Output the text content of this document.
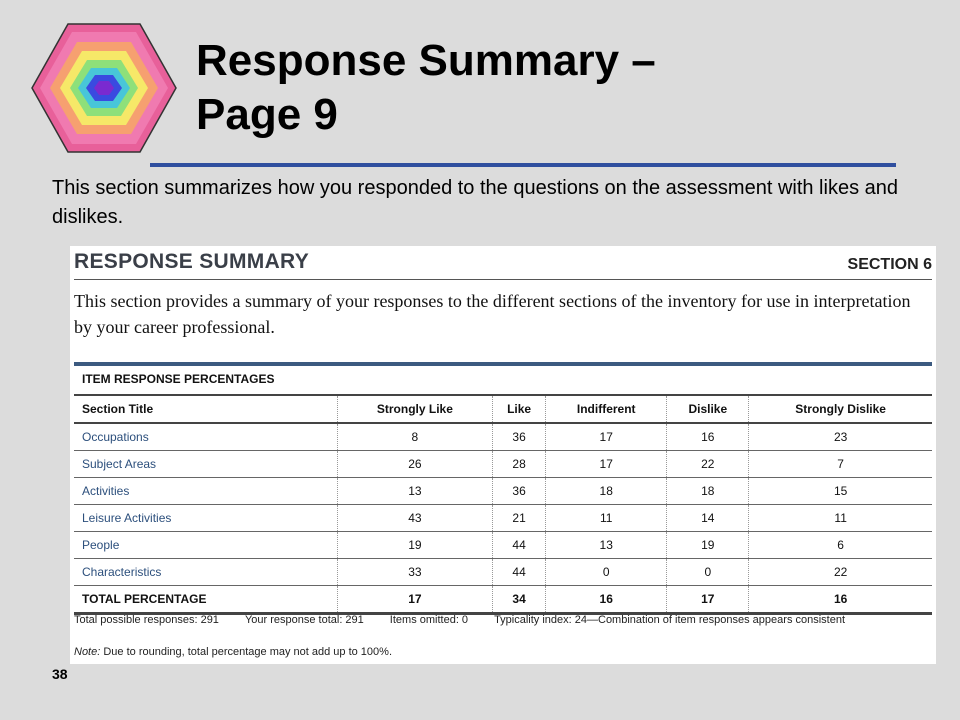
Response Summary –
Page 9

This section summarizes how you responded to the questions on the assessment with likes and dislikes.

RESPONSE SUMMARY	SECTION 6

This section provides a summary of your responses to the different sections of the inventory for use in interpretation by your career professional.

ITEM RESPONSE PERCENTAGES
Section Title	Strongly Like	Like	Indifferent	Dislike	Strongly Dislike
Occupations	8	36	17	16	23
Subject Areas	26	28	17	22	7
Activities	13	36	18	18	15
Leisure Activities	43	21	11	14	11
People	19	44	13	19	6
Characteristics	33	44	0	0	22
TOTAL PERCENTAGE	17	34	16	17	16
Total possible responses: 291 Your response total: 291 Items omitted: 0 Typicality index: 24—Combination of item responses appears consistent
Note: Due to rounding, total percentage may not add up to 100%.
38
